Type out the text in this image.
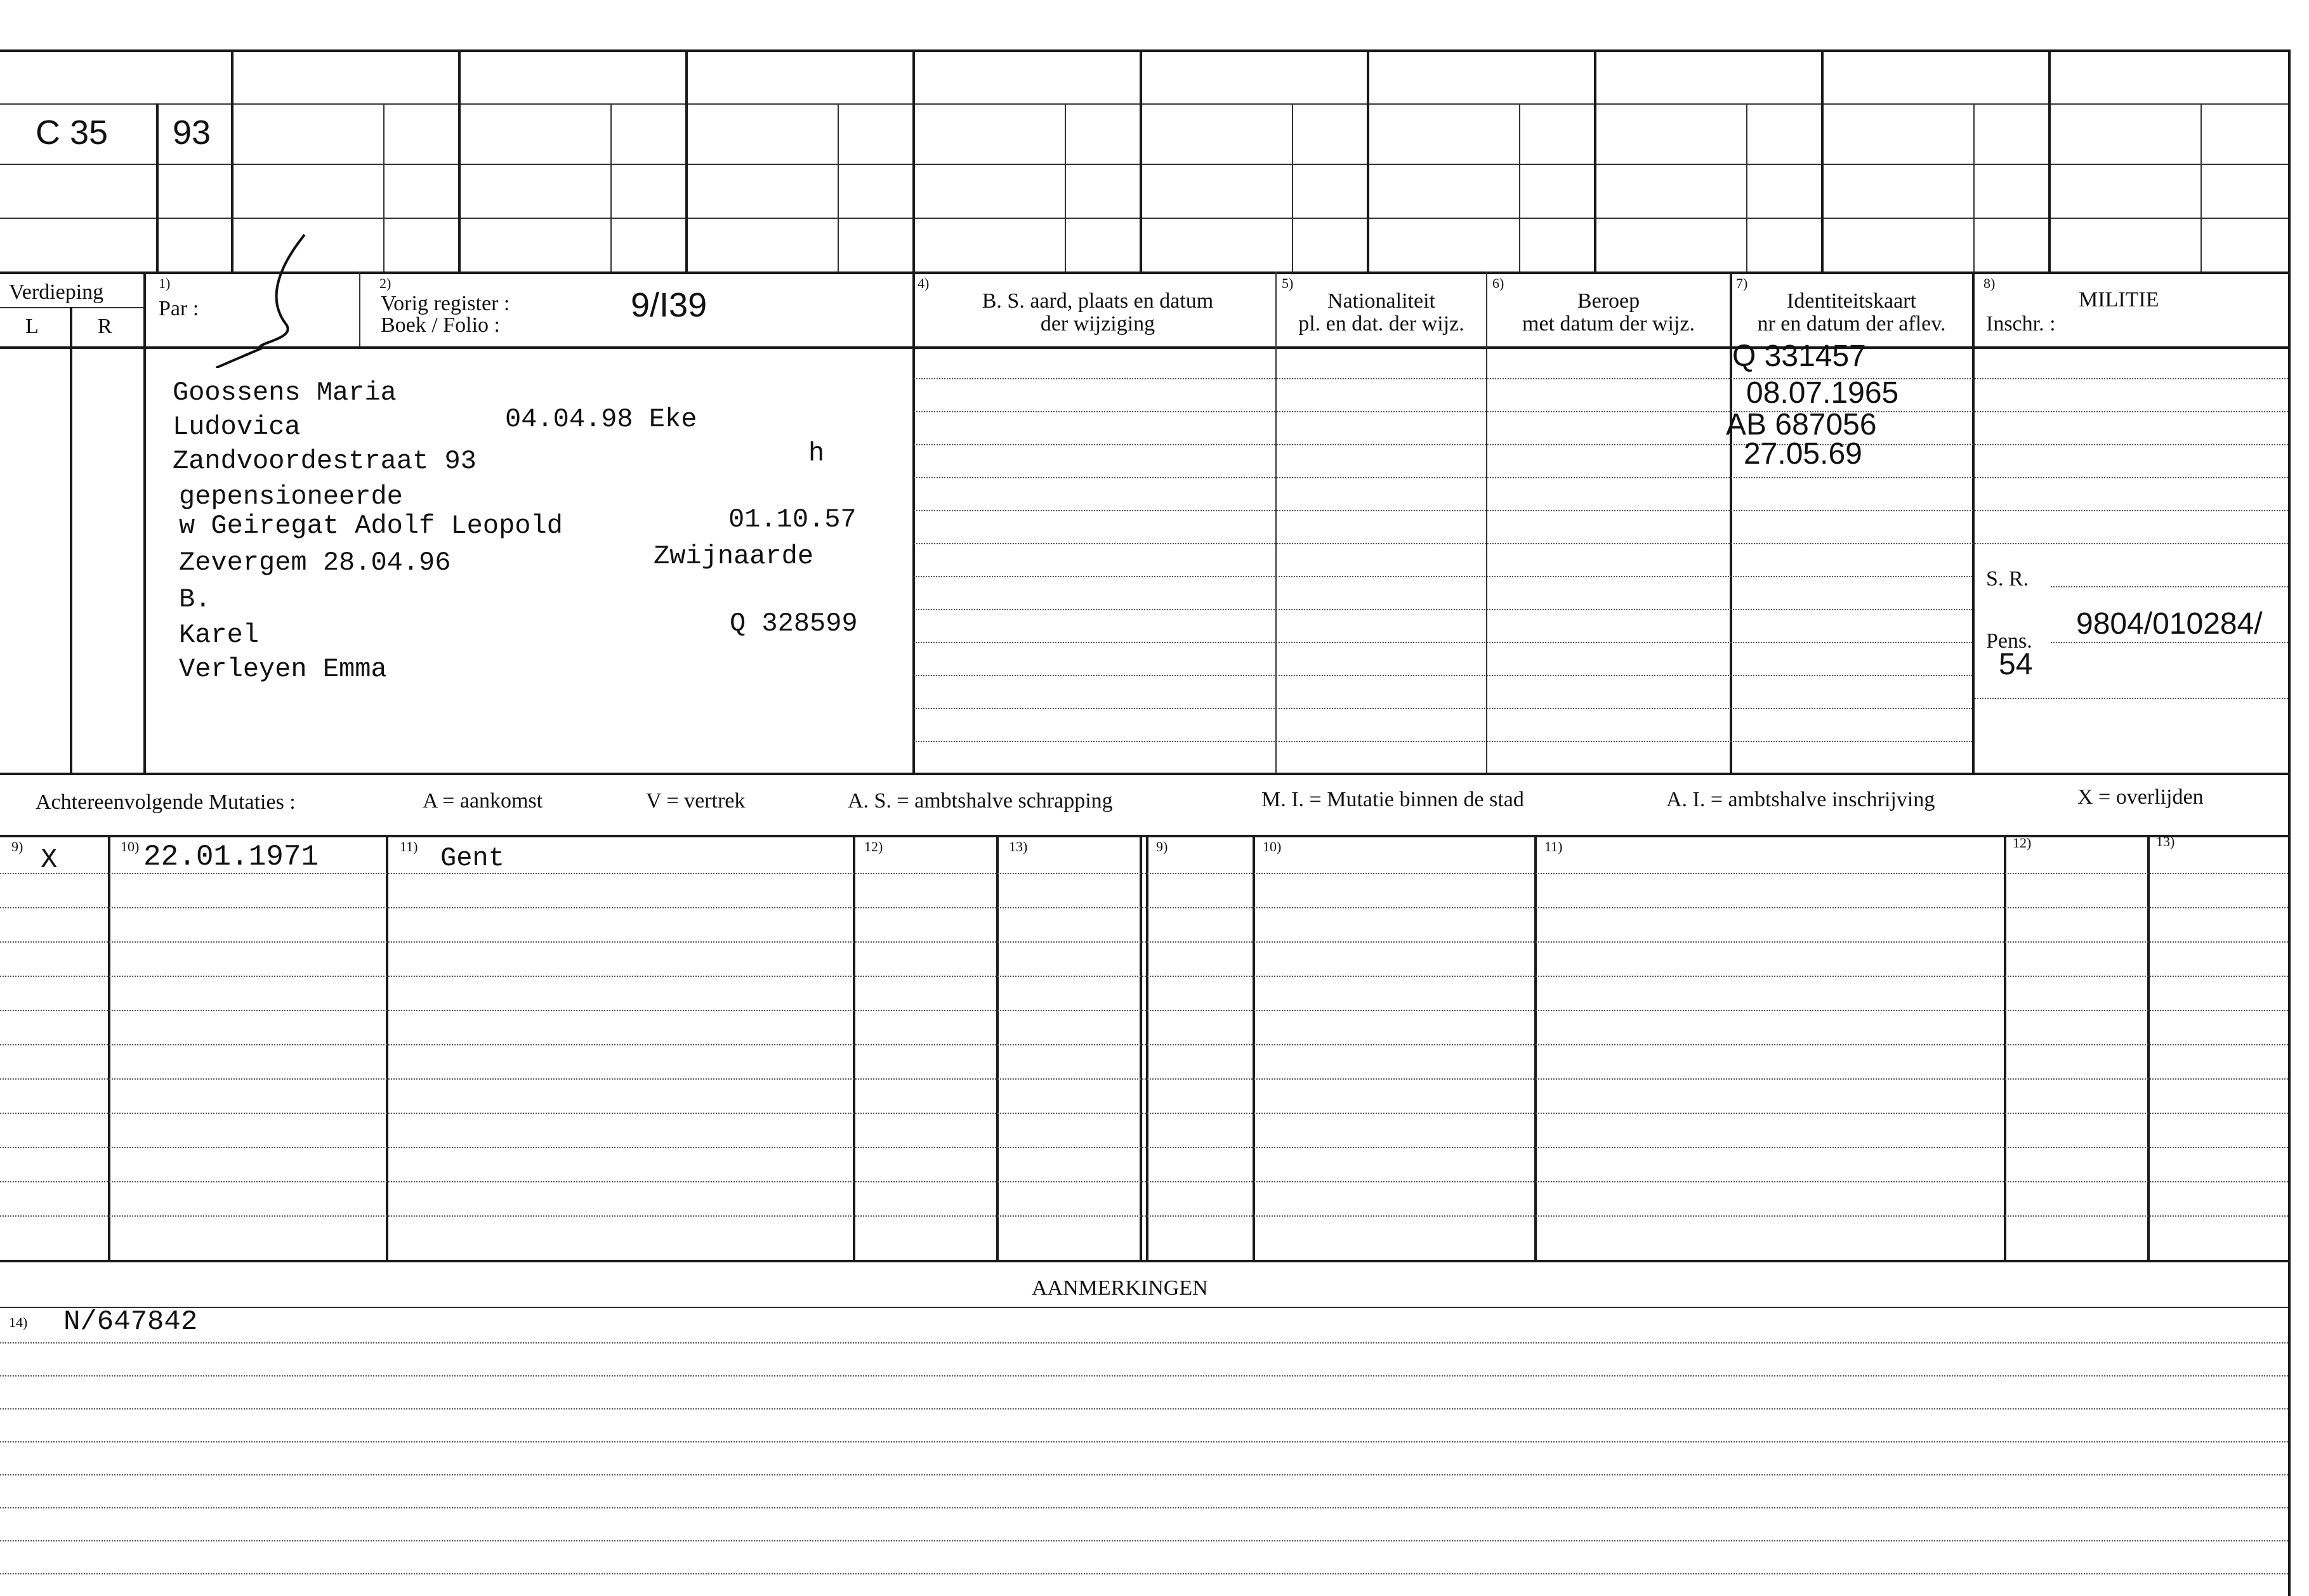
C 35 93
Verdieping
L	R
1)
Par :
2)
Vorig register :
Boek / Folio :
9/I39
4)
B. S. aard, plaats en datum
der wijziging
5)
Nationaliteit
pl. en dat. der wijz.
6)
Beroep
met datum der wijz.
7)
Identiteitskaart
nr en datum der aflev.
8)
MILITIE
Inschr. :
Goossens Maria
Ludovica	04.04.98 Eke
Zandvoordestraat 93	h
gepensioneerde
w Geiregat Adolf Leopold	01.10.57
Zevergem 28.04.96	Zwijnaarde
B.
Karel	Q 328599
Verleyen Emma
Q 331457
08.07.1965
AB 687056
27.05.69
S. R.
Pens.
9804/010284/
54
Achtereenvolgende Mutaties :	A = aankomst	V = vertrek	A. S. = ambtshalve schrapping	M. I. = Mutatie binnen de stad	A. I. = ambtshalve inschrijving	X = overlijden
9)	10)	11)	12)	13)	9)	10)	11)	12)	13)
X	22.01.1971	Gent
AANMERKINGEN
14) N/647842
